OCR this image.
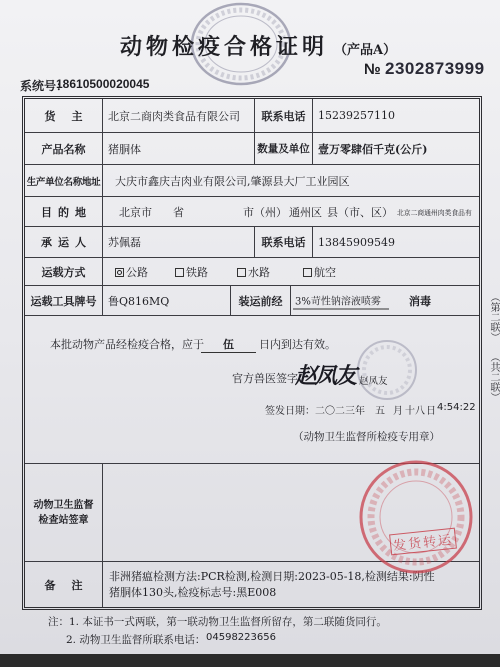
动物检疫合格证明 （产品A）
№ 2302873999
系统号：
18610500020045
货主 北京二商肉类食品有限公司	联系电话	15239257110
产品名称	猪胴体	数量及单位 壹万零肆佰千克(公斤)
生产单位名称地址	大庆市鑫庆吉肉业有限公司,肇源县大厂工业园区
目的地	北京市 省	市（州） 通州区 县（市、区） 北京二商通州肉类食品有
承运人	苏佩磊	联系电话	13845909549
运载方式	公路	铁路	水路	航空
运载工具牌号	鲁Q816MQ	装运前经	3%苛性钠溶液喷雾	消毒
本批动物产品经检疫合格，应于	伍	日内到达有效。
官方兽医签字：
赵凤友 赵凤友
签发日期：二〇二三年 五 月 十八 日 4:54:22
（动物卫生监督所检疫专用章）
动物卫生监督
检查站签章
备注
非洲猪瘟检测方法:PCR检测,检测日期:2023-05-18,检测结果:阴性
猪胴体130头,检疫标志号:黑E008
发货转运
注：1. 本证书一式两联，第一联动物卫生监督所留存，第二联随货同行。
2. 动物卫生监督所联系电话： 04598223656
（第二联）
（共二联）
